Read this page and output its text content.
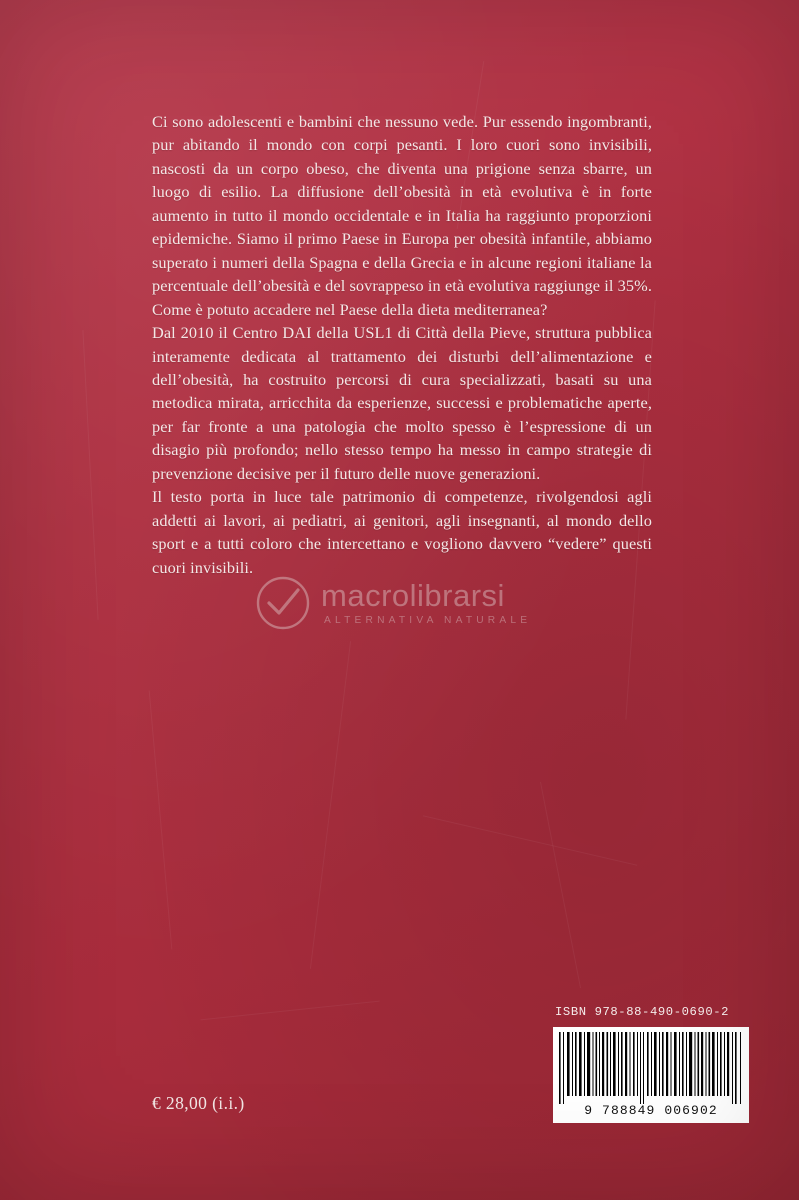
Ci sono adolescenti e bambini che nessuno vede. Pur essendo ingombranti, pur abitando il mondo con corpi pesanti. I loro cuori sono invisibili, nascosti da un corpo obeso, che diventa una prigione senza sbarre, un luogo di esilio. La diffusione dell’obesità in età evolutiva è in forte aumento in tutto il mondo occidentale e in Italia ha raggiunto proporzioni epidemiche. Siamo il primo Paese in Europa per obesità infantile, abbiamo superato i numeri della Spagna e della Grecia e in alcune regioni italiane la percentuale dell’obesità e del sovrappeso in età evolutiva raggiunge il 35%. Come è potuto accadere nel Paese della dieta mediterranea?

Dal 2010 il Centro DAI della USL1 di Città della Pieve, struttura pubblica interamente dedicata al trattamento dei disturbi dell’alimentazione e dell’obesità, ha costruito percorsi di cura specializzati, basati su una metodica mirata, arricchita da esperienze, successi e problematiche aperte, per far fronte a una patologia che molto spesso è l’espressione di un disagio più profondo; nello stesso tempo ha messo in campo strategie di prevenzione decisive per il futuro delle nuove generazioni.

Il testo porta in luce tale patrimonio di competenze, rivolgendosi agli addetti ai lavori, ai pediatri, ai genitori, agli insegnanti, al mondo dello sport e a tutti coloro che intercettano e vogliono davvero “vedere” questi cuori invisibili.

macrolibrarsi
ALTERNATIVA NATURALE
€ 28,00 (i.i.)
ISBN 978-88-490-0690-2
9 788849 006902
